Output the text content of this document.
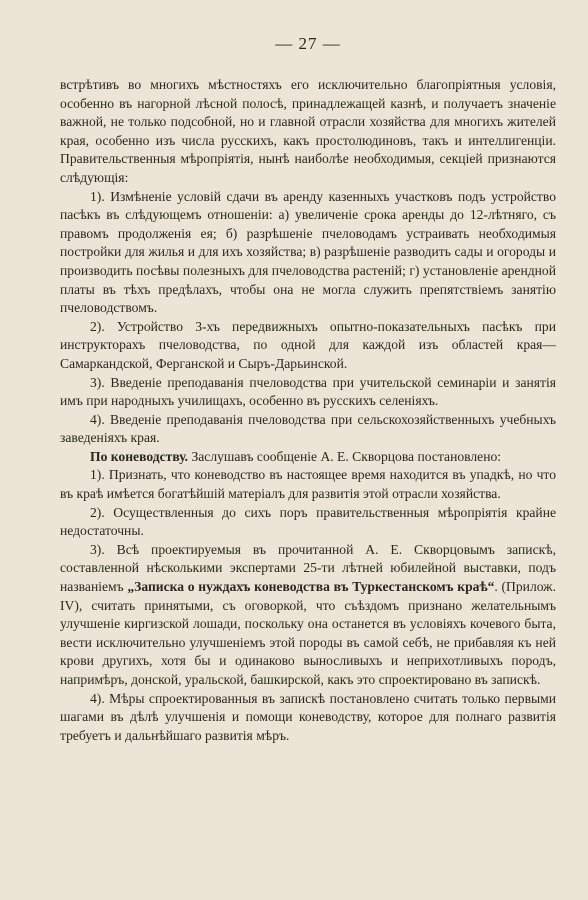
— 27 —

встрѣтивъ во многихъ мѣстностяхъ его исключительно благопріятныя условія, особенно въ нагорной лѣсной полосѣ, принадлежащей казнѣ, и получаетъ значеніе важной, не только подсобной, но и главной отрасли хозяйства для многихъ жителей края, особенно изъ числа русскихъ, какъ простолюдиновъ, такъ и интеллигенціи. Правительственныя мѣропріятія, нынѣ наиболѣе необходимыя, секціей признаются слѣдующія:

1). Измѣненіе условій сдачи въ аренду казенныхъ участковъ подъ устройство пасѣкъ въ слѣдующемъ отношеніи: а) увеличеніе срока аренды до 12-лѣтняго, съ правомъ продолженія ея; б) разрѣшеніе пчеловодамъ устраивать необходимыя постройки для жилья и для ихъ хозяйства; в) разрѣшеніе разводить сады и огороды и производить посѣвы полезныхъ для пчеловодства растеній; г) установленіе арендной платы въ тѣхъ предѣлахъ, чтобы она не могла служить препятствіемъ занятію пчеловодствомъ.

2). Устройство 3-хъ передвижныхъ опытно-показательныхъ пасѣкъ при инструкторахъ пчеловодства, по одной для каждой изъ областей края—Самаркандской, Ферганской и Сыръ-Дарьинской.

3). Введеніе преподаванія пчеловодства при учительской семинаріи и занятія имъ при народныхъ училищахъ, особенно въ русскихъ селеніяхъ.

4). Введеніе преподаванія пчеловодства при сельскохозяйственныхъ учебныхъ заведеніяхъ края.

По коневодству. Заслушавъ сообщеніе А. Е. Скворцова постановлено:

1). Признать, что коневодство въ настоящее время находится въ упадкѣ, но что въ краѣ имѣется богатѣйшій матеріалъ для развитія этой отрасли хозяйства.

2). Осуществленныя до сихъ поръ правительственныя мѣропріятія крайне недостаточны.

3). Всѣ проектируемыя въ прочитанной А. Е. Скворцовымъ запискѣ, составленной нѣсколькими экспертами 25-ти лѣтней юбилейной выставки, подъ названіемъ „Записка о нуждахъ коневодства въ Туркестанскомъ краѣ“. (Прилож. IV), считать принятыми, съ оговоркой, что съѣздомъ признано желательнымъ улучшеніе киргизской лошади, поскольку она останется въ условіяхъ кочевого быта, вести исключительно улучшеніемъ этой породы въ самой себѣ, не прибавляя къ ней крови другихъ, хотя бы и одинаково выносливыхъ и неприхотливыхъ породъ, напримѣръ, донской, уральской, башкирской, какъ это спроектировано въ запискѣ.

4). Мѣры спроектированныя въ запискѣ постановлено считать только первыми шагами въ дѣлѣ улучшенія и помощи коневодству, которое для полнаго развитія требуетъ и дальнѣйшаго развитія мѣръ.
